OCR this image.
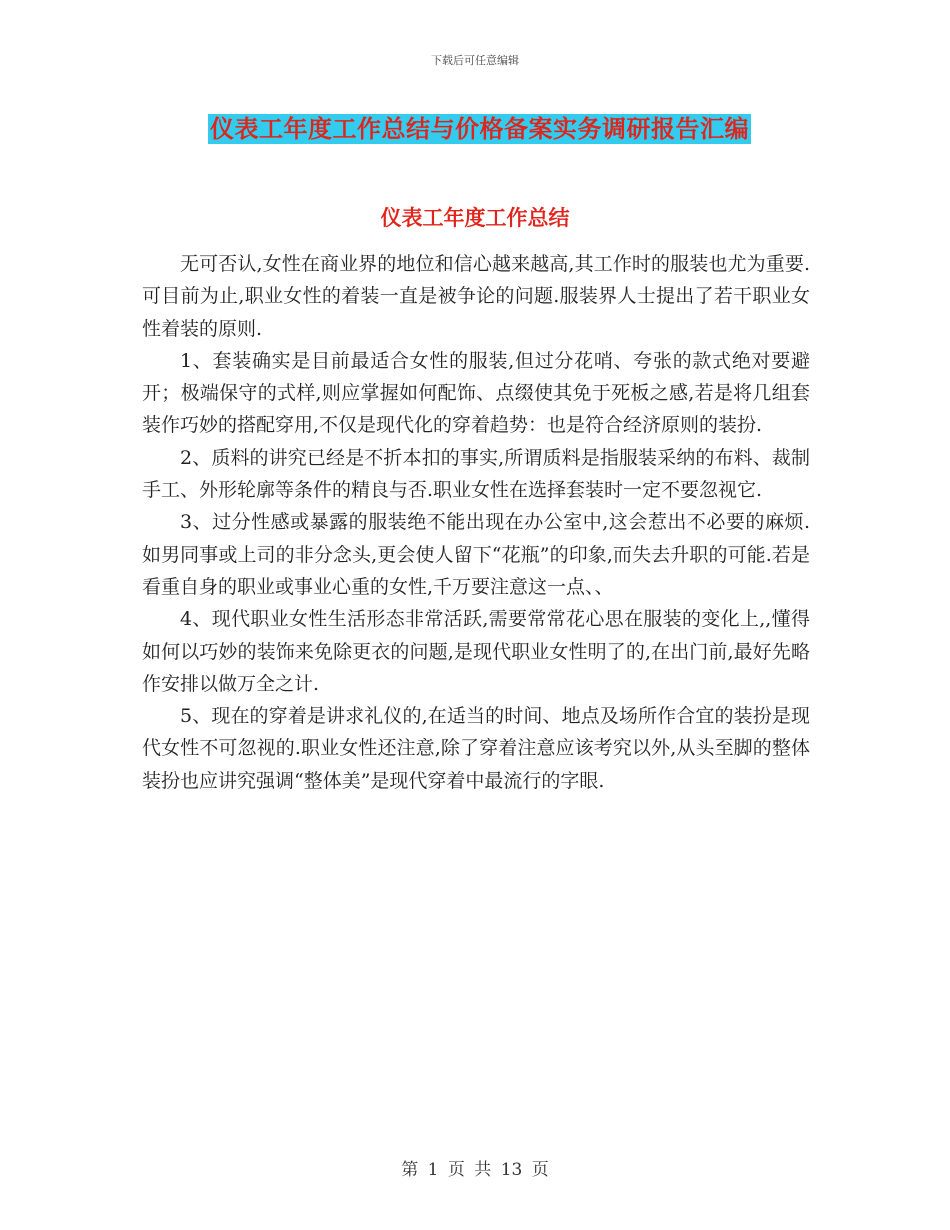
下载后可任意编辑
仪表工年度工作总结与价格备案实务调研报告汇编
仪表工年度工作总结

无可否认,女性在商业界的地位和信心越来越高,其工作时的服装也尤为重要.可目前为止,职业女性的着装一直是被争论的问题.服装界人士提出了若干职业女性着装的原则.

1、套装确实是目前最适合女性的服装,但过分花哨、夸张的款式绝对要避开；极端保守的式样,则应掌握如何配饰、点缀使其免于死板之感,若是将几组套装作巧妙的搭配穿用,不仅是现代化的穿着趋势：也是符合经济原则的装扮.

2、质料的讲究已经是不折本扣的事实,所谓质料是指服装采纳的布料、裁制手工、外形轮廓等条件的精良与否.职业女性在选择套装时一定不要忽视它.

3、过分性感或暴露的服装绝不能出现在办公室中,这会惹出不必要的麻烦.如男同事或上司的非分念头,更会使人留下“花瓶”的印象,而失去升职的可能.若是看重自身的职业或事业心重的女性,千万要注意这一点、、

4、现代职业女性生活形态非常活跃,需要常常花心思在服装的变化上,,懂得如何以巧妙的装饰来免除更衣的问题,是现代职业女性明了的,在出门前,最好先略作安排以做万全之计.

5、现在的穿着是讲求礼仪的,在适当的时间、地点及场所作合宜的装扮是现代女性不可忽视的.职业女性还注意,除了穿着注意应该考究以外,从头至脚的整体装扮也应讲究强调“整体美”是现代穿着中最流行的字眼.

第 1 页 共 13 页
